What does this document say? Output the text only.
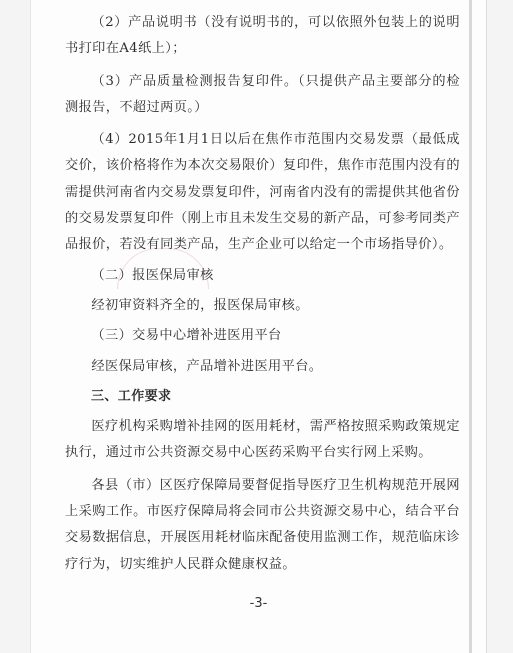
（2）产品说明书（没有说明书的，可以依照外包装上的说明书打印在A4纸上）；

（3）产品质量检测报告复印件。（只提供产品主要部分的检测报告，不超过两页。）

（4）2015年1月1日以后在焦作市范围内交易发票（最低成交价，该价格将作为本次交易限价）复印件，焦作市范围内没有的需提供河南省内交易发票复印件，河南省内没有的需提供其他省份的交易发票复印件（刚上市且未发生交易的新产品，可参考同类产品报价，若没有同类产品，生产企业可以给定一个市场指导价）。

（二）报医保局审核

经初审资料齐全的，报医保局审核。

（三）交易中心增补进医用平台

经医保局审核，产品增补进医用平台。

三、工作要求

医疗机构采购增补挂网的医用耗材，需严格按照采购政策规定执行，通过市公共资源交易中心医药采购平台实行网上采购。

各县（市）区医疗保障局要督促指导医疗卫生机构规范开展网上采购工作。市医疗保障局将会同市公共资源交易中心，结合平台交易数据信息，开展医用耗材临床配备使用监测工作，规范临床诊疗行为，切实维护人民群众健康权益。

-3-
